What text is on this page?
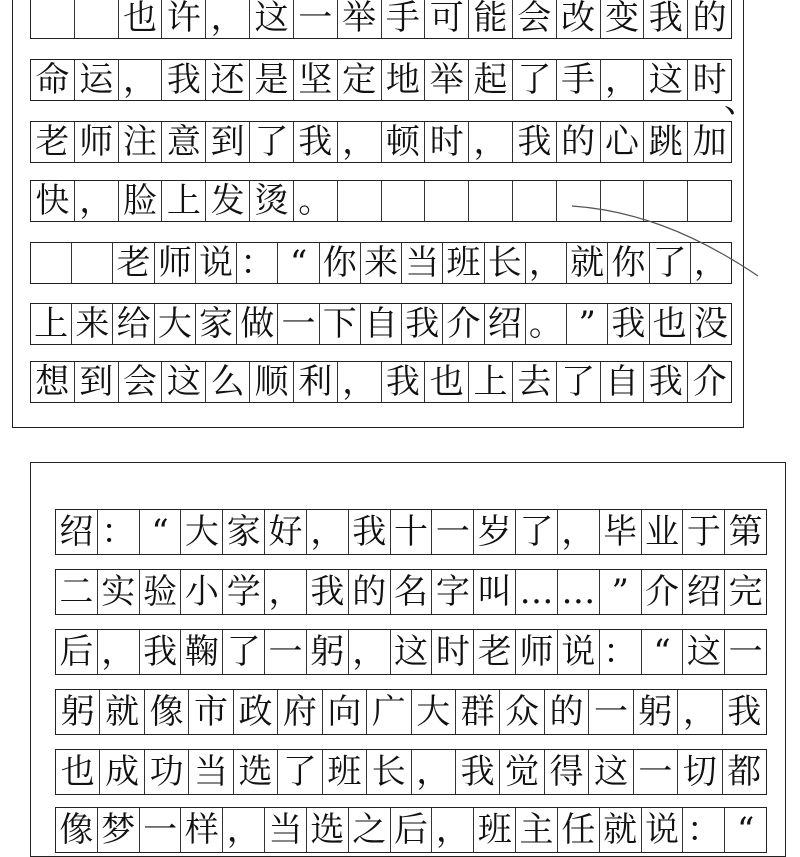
也 许 ， 这 一 举 手 可 能 会 改 变 我 的
命 运 ， 我 还 是 坚 定 地 举 起 了 手 ， 这 时
老 师 注 意 到 了 我 ， 顿 时 ， 我 的 心 跳 加
快 ， 脸 上 发 烫 。
老 师 说 ： “ 你 来 当 班 长 ， 就 你 了 ，
上 来 给 大 家 做 一 下 自 我 介 绍 。 ” 我 也 没
想 到 会 这 么 顺 利 ， 我 也 上 去 了 自 我 介
、
绍 ： “ 大 家 好 ， 我 十 一 岁 了 ， 毕 业 于 第
二 实 验 小 学 ， 我 的 名 字 叫 … … ” 介 绍 完
后 ， 我 鞠 了 一 躬 ， 这 时 老 师 说 ： “ 这 一
躬 就 像 市 政 府 向 广 大 群 众 的 一 躬 ， 我
也 成 功 当 选 了 班 长 ， 我 觉 得 这 一 切 都
像 梦 一 样 ， 当 选 之 后 ， 班 主 任 就 说 ： “
